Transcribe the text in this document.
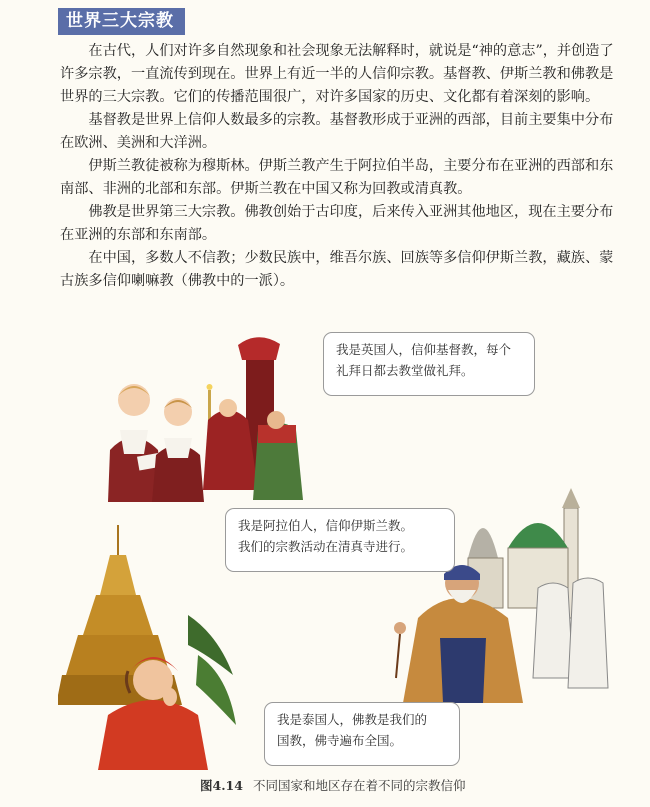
世界三大宗教

在古代，人们对许多自然现象和社会现象无法解释时，就说是“神的意志”，并创造了许多宗教，一直流传到现在。世界上有近一半的人信仰宗教。基督教、伊斯兰教和佛教是世界的三大宗教。它们的传播范围很广，对许多国家的历史、文化都有着深刻的影响。

基督教是世界上信仰人数最多的宗教。基督教形成于亚洲的西部，目前主要集中分布在欧洲、美洲和大洋洲。

伊斯兰教徒被称为穆斯林。伊斯兰教产生于阿拉伯半岛，主要分布在亚洲的西部和东南部、非洲的北部和东部。伊斯兰教在中国又称为回教或清真教。

佛教是世界第三大宗教。佛教创始于古印度，后来传入亚洲其他地区，现在主要分布在亚洲的东部和东南部。

在中国，多数人不信教；少数民族中，维吾尔族、回族等多信仰伊斯兰教，藏族、蒙古族多信仰喇嘛教（佛教中的一派）。

我是英国人，信仰基督教，每个

礼拜日都去教堂做礼拜。

我是阿拉伯人，信仰伊斯兰教。

我们的宗教活动在清真寺进行。

我是泰国人，佛教是我们的

国教，佛寺遍布全国。

图4.14 不同国家和地区存在着不同的宗教信仰
